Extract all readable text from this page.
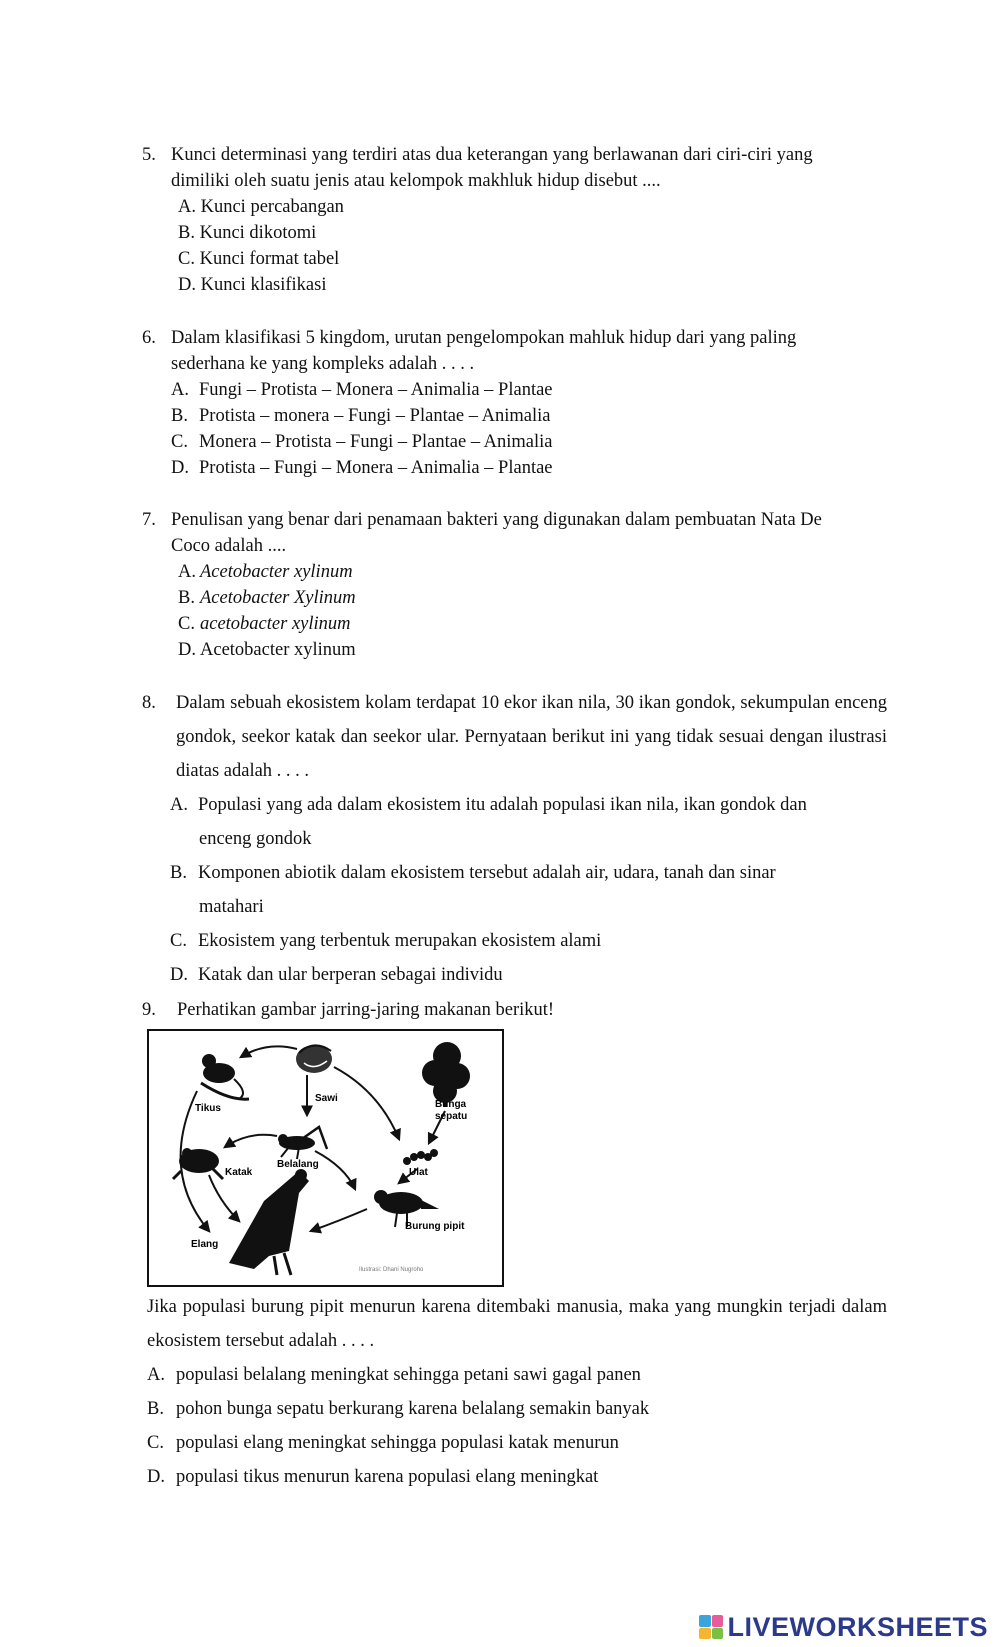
5. Kunci determinasi yang terdiri atas dua keterangan yang berlawanan dari ciri-ciri yang
dimiliki oleh suatu jenis atau kelompok makhluk hidup disebut ....
A. Kunci percabangan
B. Kunci dikotomi
C. Kunci format tabel
D. Kunci klasifikasi
6. Dalam klasifikasi 5 kingdom, urutan pengelompokan mahluk hidup dari yang paling
sederhana ke yang kompleks adalah . . . .
A. Fungi – Protista – Monera – Animalia – Plantae
B. Protista – monera – Fungi – Plantae – Animalia
C. Monera – Protista – Fungi – Plantae – Animalia
D. Protista – Fungi – Monera – Animalia – Plantae
7. Penulisan yang benar dari penamaan bakteri yang digunakan dalam pembuatan Nata De
Coco adalah ....
A. Acetobacter xylinum
B. Acetobacter Xylinum
C. acetobacter xylinum
D. Acetobacter xylinum
8.	Dalam sebuah ekosistem kolam terdapat 10 ekor ikan nila, 30 ikan gondok, sekumpulan enceng gondok, seekor katak dan seekor ular. Pernyataan berikut ini yang tidak sesuai dengan ilustrasi diatas adalah . . . .
A. Populasi yang ada dalam ekosistem itu adalah populasi ikan nila, ikan gondok dan
enceng gondok
B. Komponen abiotik dalam ekosistem tersebut adalah air, udara, tanah dan sinar
matahari
C. Ekosistem yang terbentuk merupakan ekosistem alami
D. Katak dan ular berperan sebagai individu
9.	Perhatikan gambar jarring-jaring makanan berikut!
Tikus
Sawi
Bunga
sepatu
Katak
Belalang
Ulat
Burung pipit
Elang
Ilustrasi: Dhani Nugroho
Jika populasi burung pipit menurun karena ditembaki manusia, maka yang mungkin terjadi dalam ekosistem tersebut adalah . . . .
A. populasi belalang meningkat sehingga petani sawi gagal panen
B. pohon bunga sepatu berkurang karena belalang semakin banyak
C. populasi elang meningkat sehingga populasi katak menurun
D. populasi tikus menurun karena populasi elang meningkat
LIVEWORKSHEETS
